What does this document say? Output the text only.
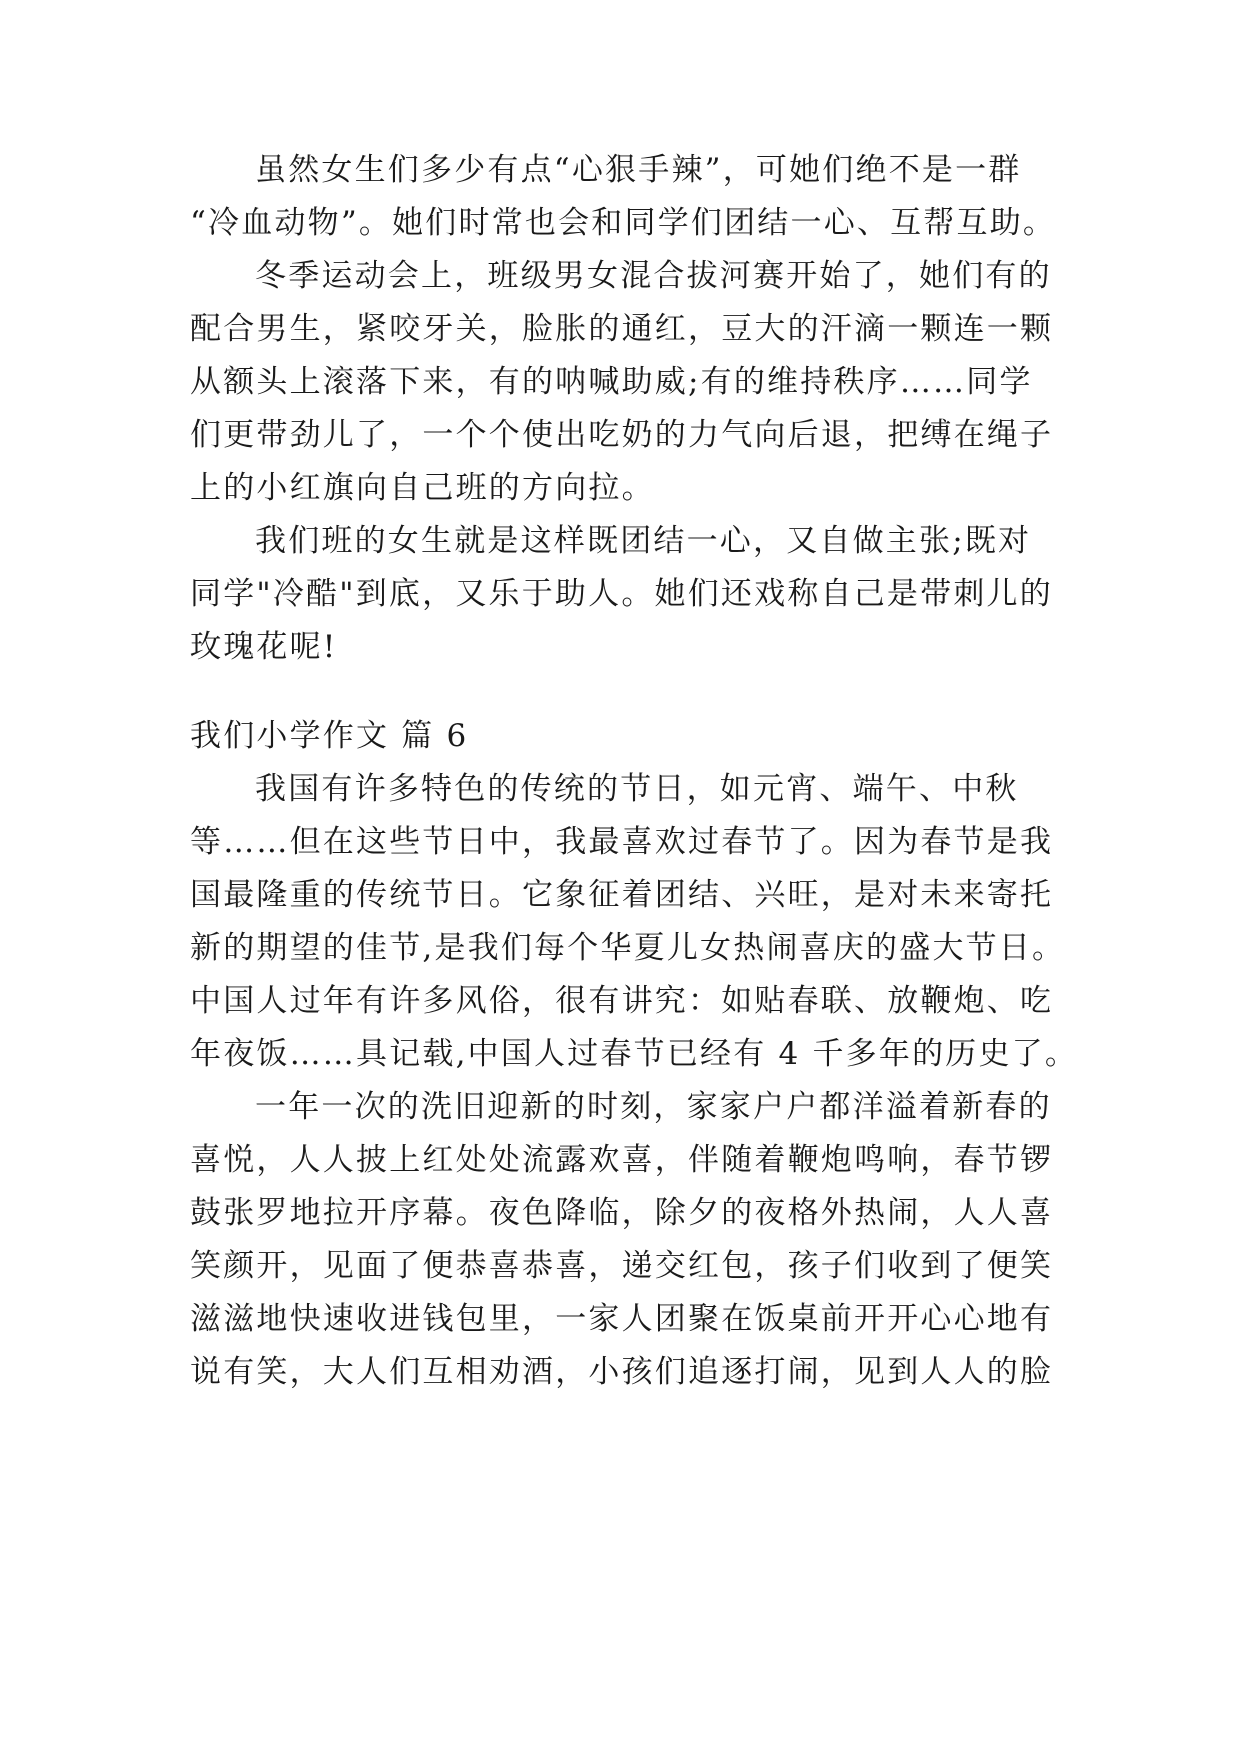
虽然女生们多少有点“心狠手辣”，可她们绝不是一群
“冷血动物”。她们时常也会和同学们团结一心、互帮互助。
冬季运动会上，班级男女混合拔河赛开始了，她们有的
配合男生，紧咬牙关，脸胀的通红，豆大的汗滴一颗连一颗
从额头上滚落下来，有的呐喊助威;有的维持秩序……同学
们更带劲儿了，一个个使出吃奶的力气向后退，把缚在绳子
上的小红旗向自己班的方向拉。
我们班的女生就是这样既团结一心，又自做主张;既对
同学"冷酷"到底，又乐于助人。她们还戏称自己是带刺儿的
玫瑰花呢!
我们小学作文 篇 6
我国有许多特色的传统的节日，如元宵、端午、中秋
等……但在这些节日中，我最喜欢过春节了。因为春节是我
国最隆重的传统节日。它象征着团结、兴旺，是对未来寄托
新的期望的佳节,是我们每个华夏儿女热闹喜庆的盛大节日。
中国人过年有许多风俗，很有讲究：如贴春联、放鞭炮、吃
年夜饭……具记载,中国人过春节已经有 4 千多年的历史了。
一年一次的洗旧迎新的时刻，家家户户都洋溢着新春的
喜悦，人人披上红处处流露欢喜，伴随着鞭炮鸣响，春节锣
鼓张罗地拉开序幕。夜色降临，除夕的夜格外热闹，人人喜
笑颜开，见面了便恭喜恭喜，递交红包，孩子们收到了便笑
滋滋地快速收进钱包里，一家人团聚在饭桌前开开心心地有
说有笑，大人们互相劝酒，小孩们追逐打闹，见到人人的脸
